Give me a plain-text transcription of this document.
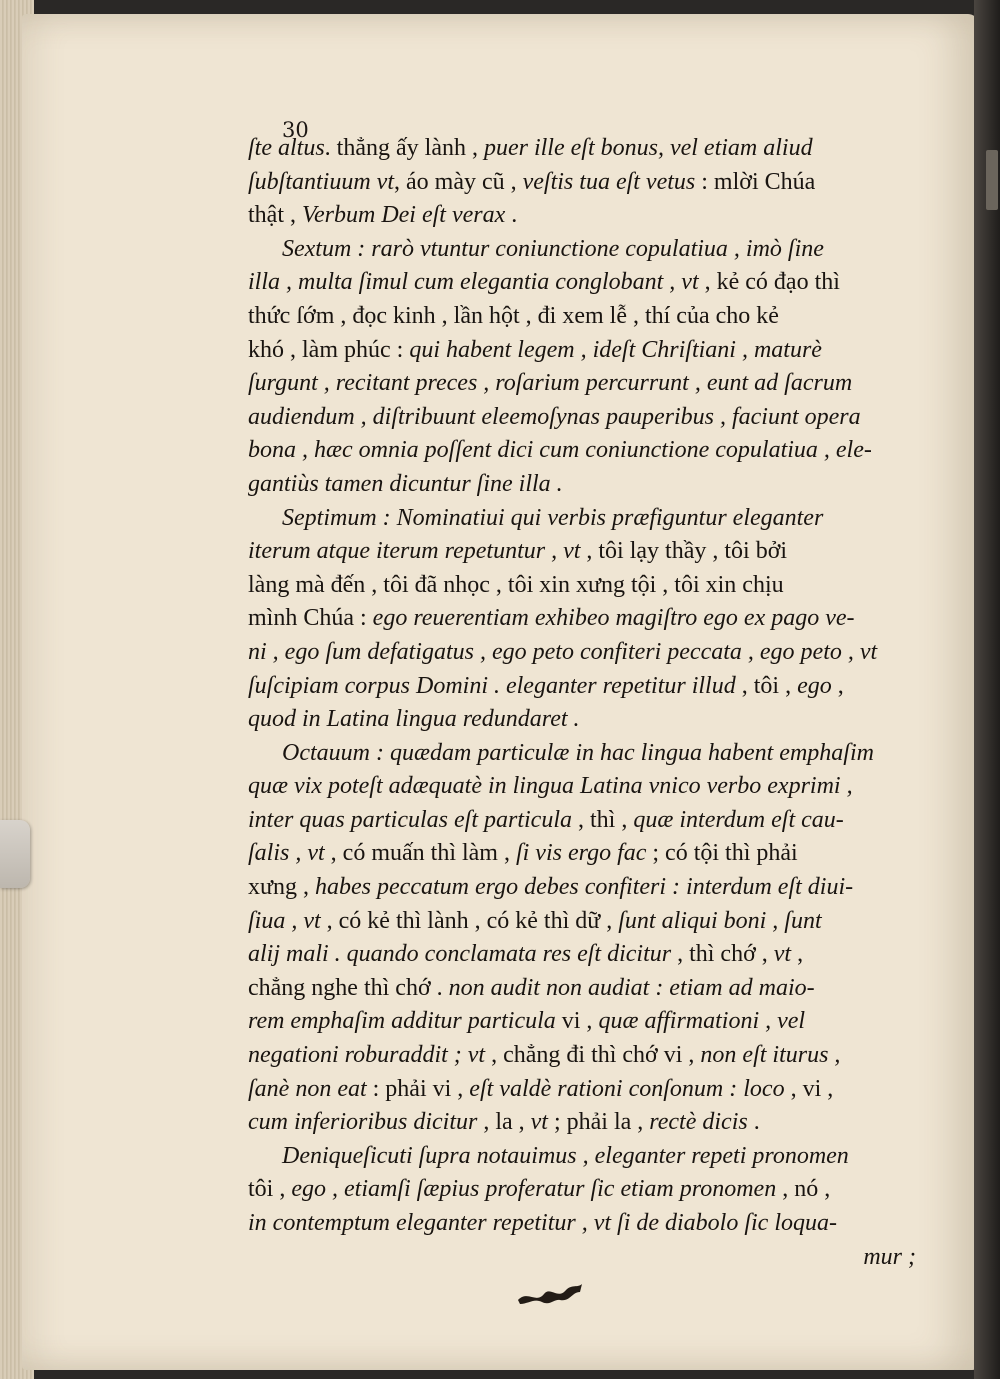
30
ſte altus. thẳng ấy lành , puer ille eſt bonus, vel etiam aliud
ſubſtantiuum vt, áo mày cũ , veſtis tua eſt vetus : mlời Chúa
thật , Verbum Dei eſt verax .
Sextum : rarò vtuntur coniunctione copulatiua , imò ſine
illa , multa ſimul cum elegantia conglobant , vt , kẻ có đạo thì
thức ſớm , đọc kinh , lần hột , đi xem lễ , thí của cho kẻ
khó , làm phúc : qui habent legem , ideſt Chriſtiani , maturè
ſurgunt , recitant preces , roſarium percurrunt , eunt ad ſacrum
audiendum , diſtribuunt eleemoſynas pauperibus , faciunt opera
bona , hæc omnia poſſent dici cum coniunctione copulatiua , ele-
gantiùs tamen dicuntur ſine illa .
Septimum : Nominatiui qui verbis præfiguntur eleganter
iterum atque iterum repetuntur , vt , tôi lạy thầy , tôi bởi
làng mà đến , tôi đã nhọc , tôi xin xưng tội , tôi xin chịu
mình Chúa : ego reuerentiam exhibeo magiſtro ego ex pago ve-
ni , ego ſum defatigatus , ego peto confiteri peccata , ego peto , vt
ſuſcipiam corpus Domini . eleganter repetitur illud , tôi , ego ,
quod in Latina lingua redundaret .
Octauum : quædam particulæ in hac lingua habent emphaſim
quæ vix poteſt adæquatè in lingua Latina vnico verbo exprimi ,
inter quas particulas eſt particula , thì , quæ interdum eſt cau-
ſalis , vt , có muấn thì làm , ſi vis ergo fac ; có tội thì phải
xưng , habes peccatum ergo debes confiteri : interdum eſt diui-
ſiua , vt , có kẻ thì lành , có kẻ thì dữ , ſunt aliqui boni , ſunt
alij mali . quando conclamata res eſt dicitur , thì chớ , vt ,
chẳng nghe thì chớ . non audit non audiat : etiam ad maio-
rem emphaſim additur particula vi , quæ affirmationi , vel
negationi roburaddit ; vt , chẳng đi thì chớ vi , non eſt iturus ,
ſanè non eat : phải vi , eſt valdè rationi conſonum : loco , vi ,
cum inferioribus dicitur , la , vt ; phải la , rectè dicis .
Deniqueſicuti ſupra notauimus , eleganter repeti pronomen
tôi , ego , etiamſi ſæpius proferatur ſic etiam pronomen , nó ,
in contemptum eleganter repetitur , vt ſi de diabolo ſic loqua-
mur ;
